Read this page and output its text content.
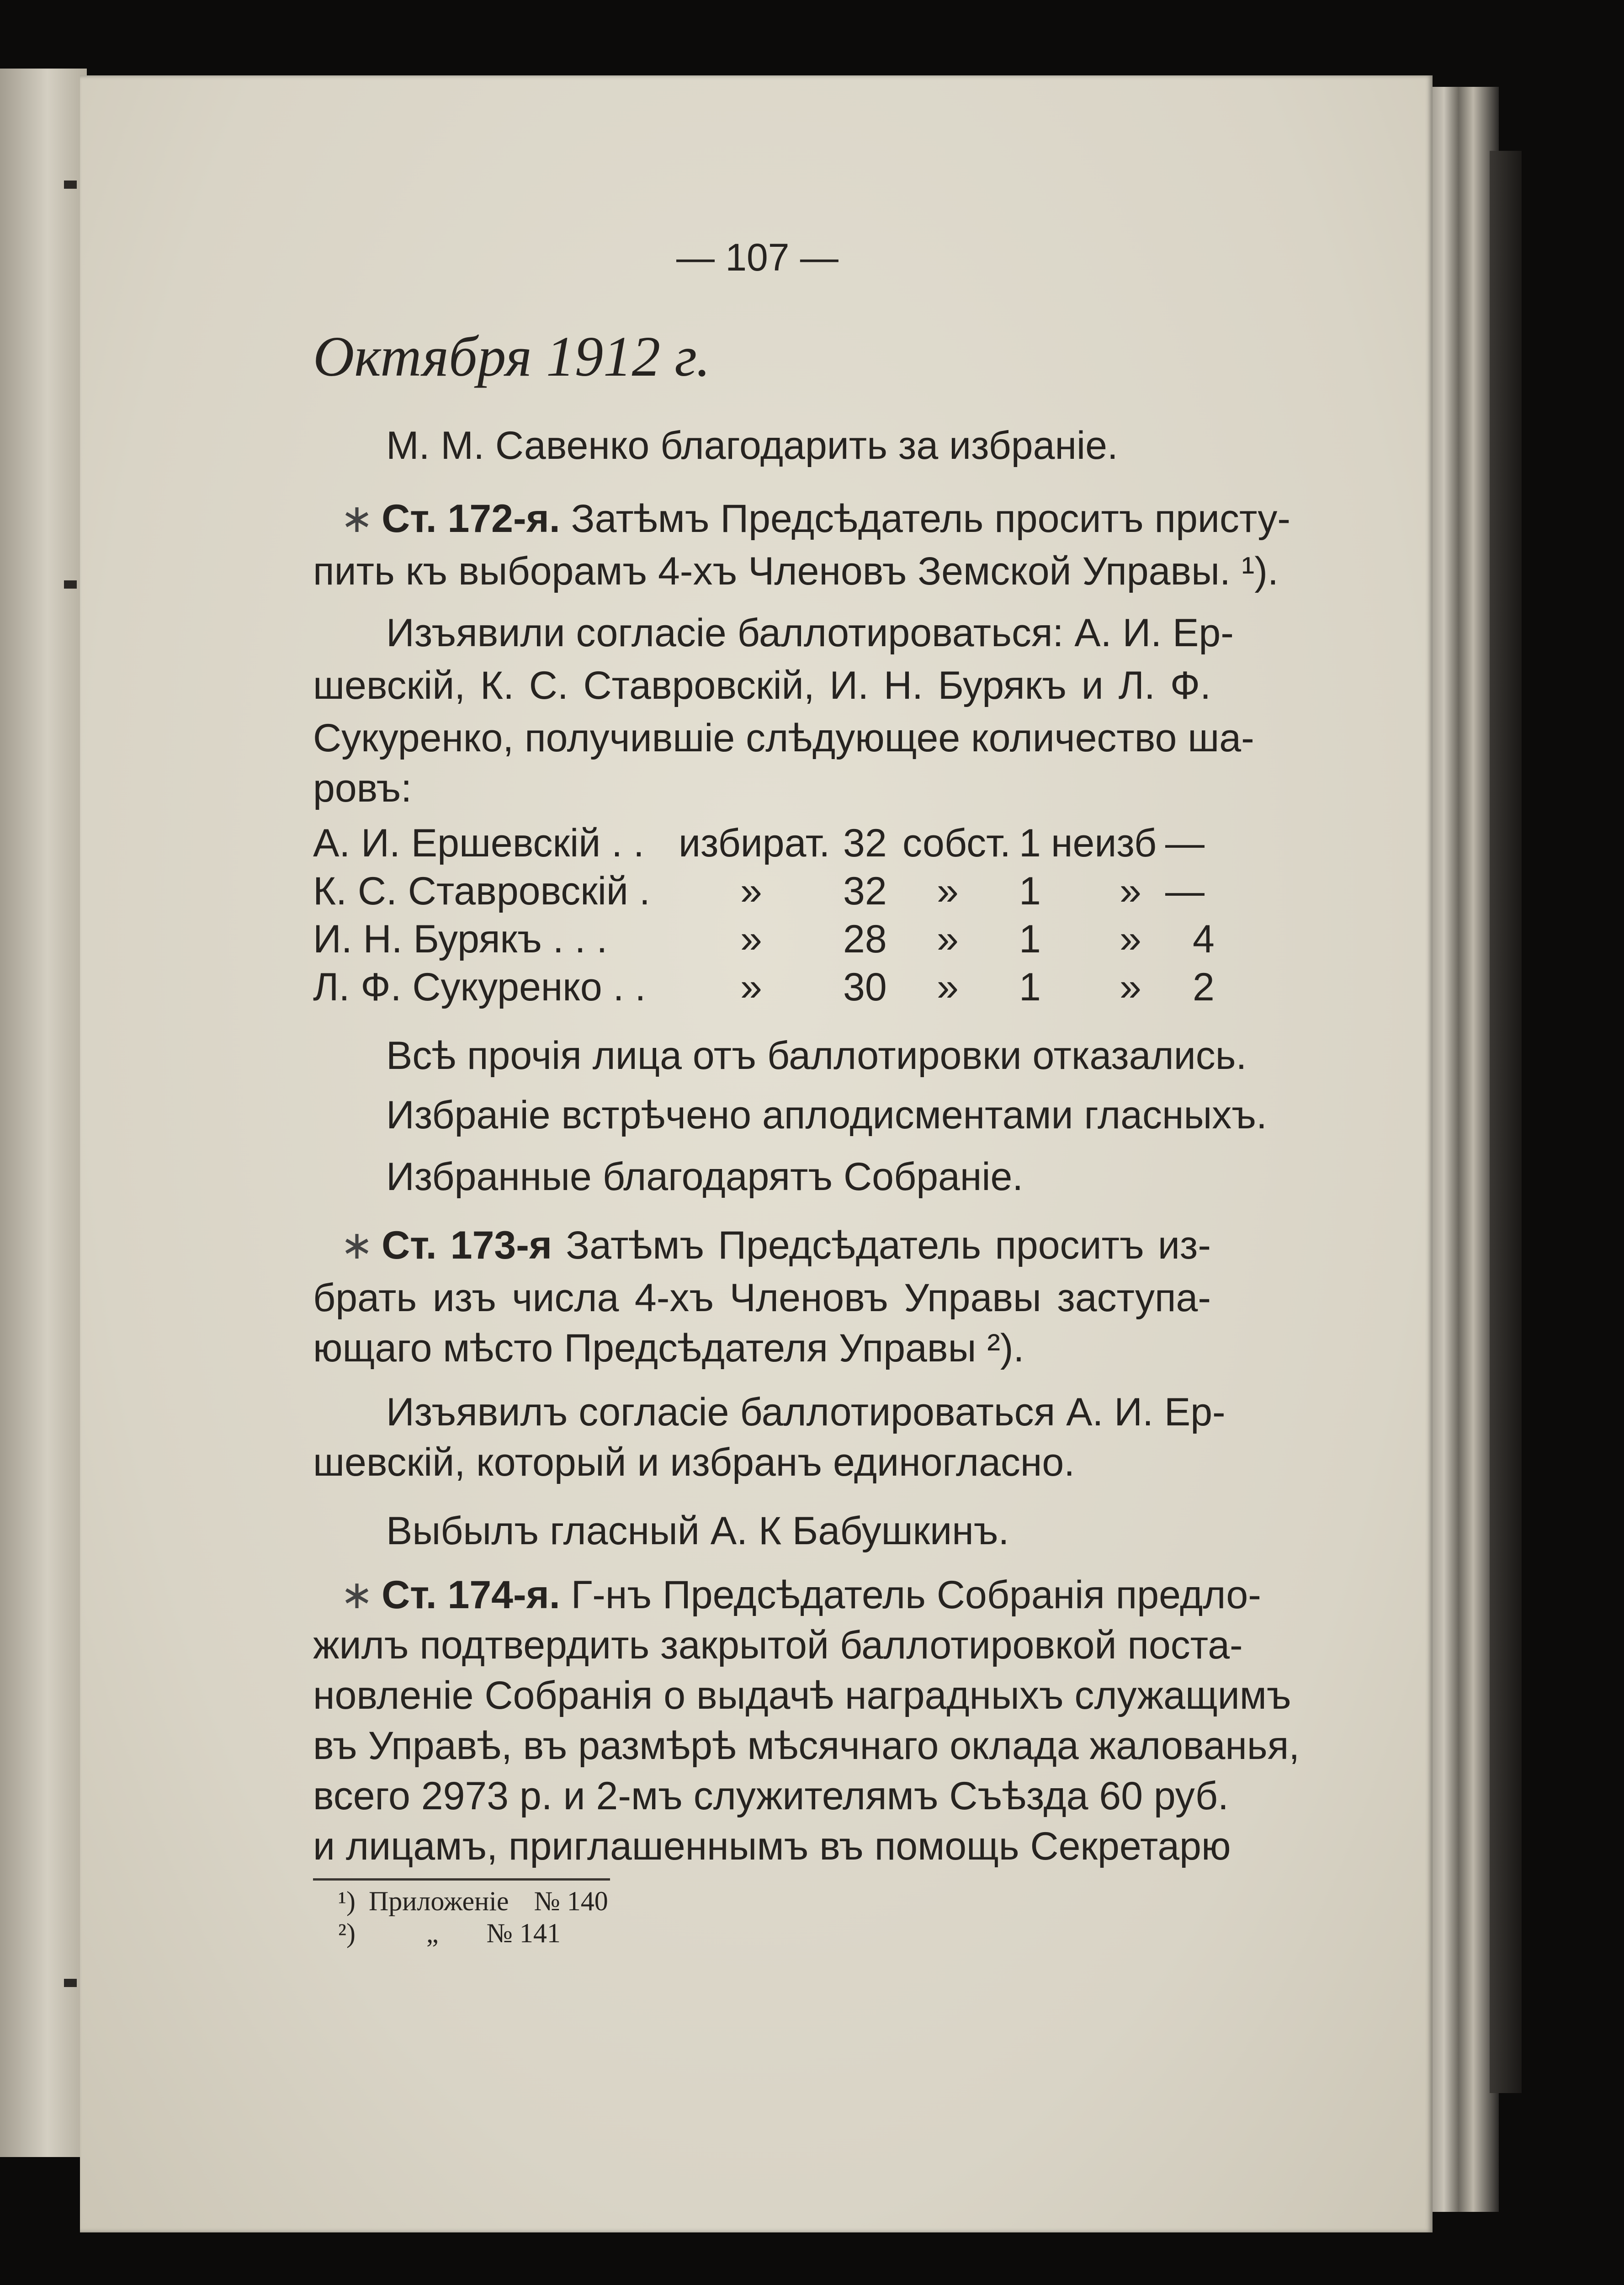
— 107 —
Октября 1912 г.
М. М. Савенко благодарить за избраніе.
∗ Ст. 172-я. Затѣмъ Предсѣдатель проситъ присту-
пить къ выборамъ 4-хъ Членовъ Земской Управы. ¹).
Изъявили согласіе баллотироваться: А. И. Ер-
шевскій, К. С. Ставровскій, И. Н. Бурякъ и Л. Ф.
Сукуренко, получившіе слѣдующее количество ша-
ровъ:
А. И. Ершевскій . . избират. 32 собст. 1 неизб —
К. С. Ставровскій . » 32 » 1 » —
И. Н. Бурякъ . . .	» 28 » 1 » 4
Л. Ф. Сукуренко . . » 30 » 1 » 2
Всѣ прочія лица отъ баллотировки отказались.
Избраніе встрѣчено аплодисментами гласныхъ.
Избранные благодарятъ Собраніе.
∗ Ст. 173-я Затѣмъ Предсѣдатель проситъ из-
брать изъ числа 4-хъ Членовъ Управы заступа-
ющаго мѣсто Предсѣдателя Управы ²).
Изъявилъ согласіе баллотироваться А. И. Ер-
шевскій, который и избранъ единогласно.
Выбылъ гласный А. К Бабушкинъ.
∗ Ст. 174-я. Г-нъ Предсѣдатель Собранія предло-
жилъ подтвердить закрытой баллотировкой поста-
новленіе Собранія о выдачѣ наградныхъ служащимъ
въ Управѣ, въ размѣрѣ мѣсячнаго оклада жалованья,
всего 2973 р. и 2-мъ служителямъ Съѣзда 60 руб.
и лицамъ, приглашеннымъ въ помощь Секретарю
¹) Приложеніе № 140
²)	„ № 141
